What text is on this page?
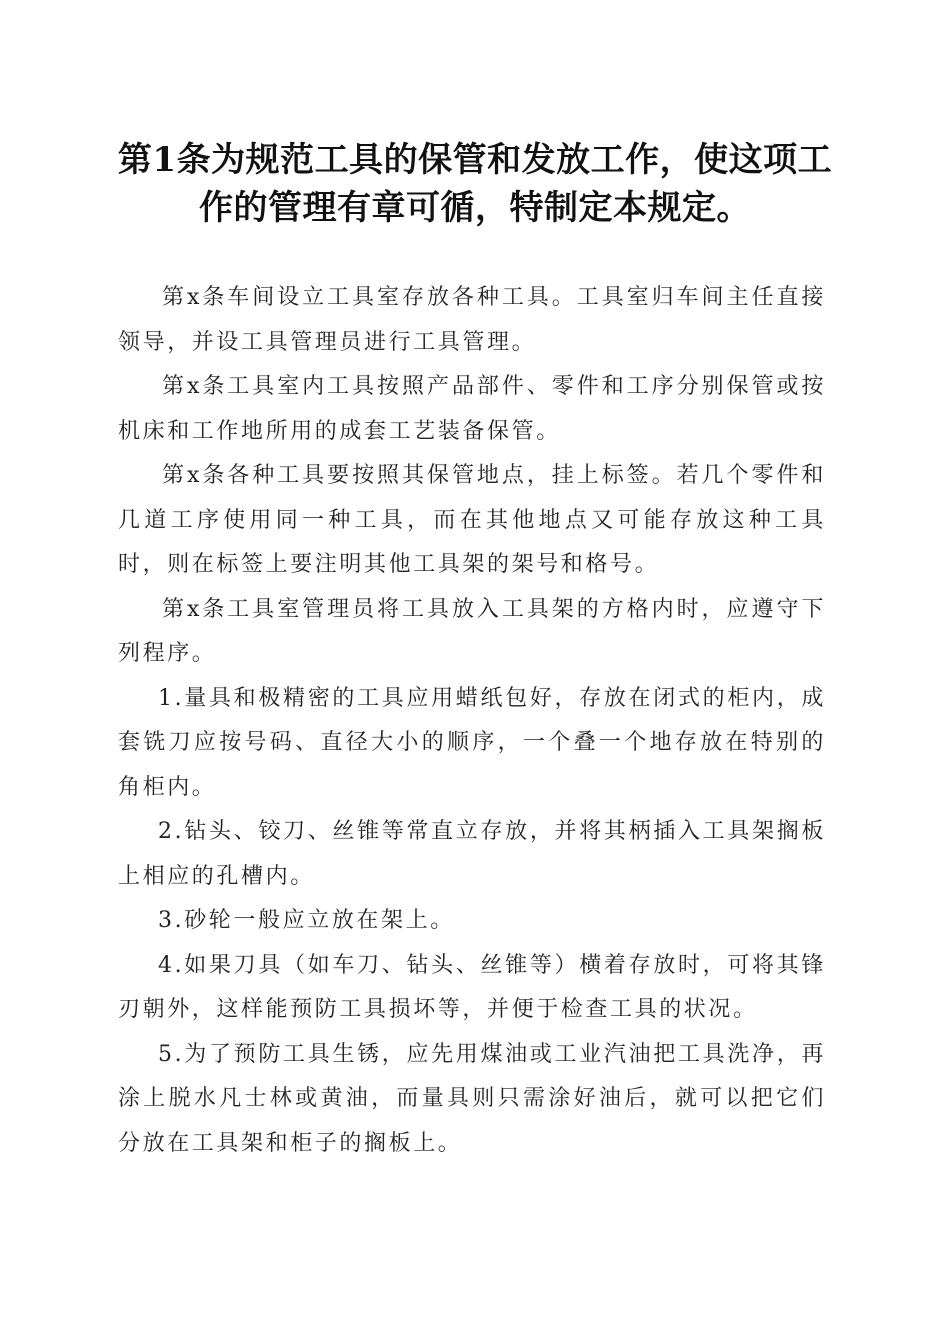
第1条为规范工具的保管和发放工作，使这项工作的管理有章可循，特制定本规定。

第x条车间设立工具室存放各种工具。工具室归车间主任直接领导，并设工具管理员进行工具管理。

第x条工具室内工具按照产品部件、零件和工序分别保管或按机床和工作地所用的成套工艺装备保管。

第x条各种工具要按照其保管地点，挂上标签。若几个零件和几道工序使用同一种工具，而在其他地点又可能存放这种工具时，则在标签上要注明其他工具架的架号和格号。

第x条工具室管理员将工具放入工具架的方格内时，应遵守下列程序。

1.量具和极精密的工具应用蜡纸包好，存放在闭式的柜内，成套铣刀应按号码、直径大小的顺序，一个叠一个地存放在特别的角柜内。

2.钻头、铰刀、丝锥等常直立存放，并将其柄插入工具架搁板上相应的孔槽内。

3.砂轮一般应立放在架上。

4.如果刀具（如车刀、钻头、丝锥等）横着存放时，可将其锋刃朝外，这样能预防工具损坏等，并便于检查工具的状况。

5.为了预防工具生锈，应先用煤油或工业汽油把工具洗净，再涂上脱水凡士林或黄油，而量具则只需涂好油后，就可以把它们分放在工具架和柜子的搁板上。
